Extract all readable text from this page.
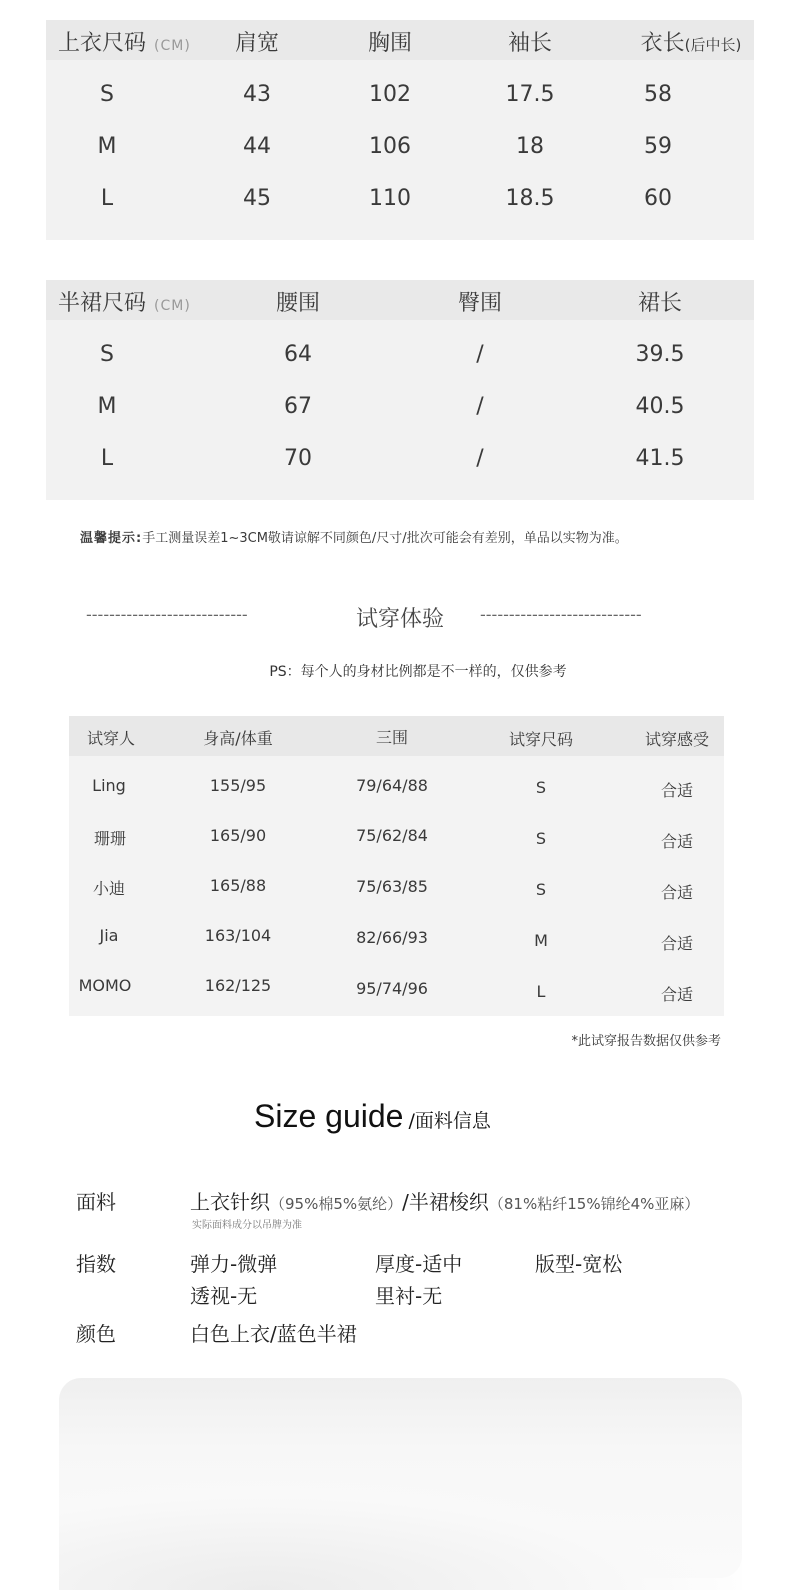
上衣尺码 (CM) 肩宽	胸围	袖长	衣长(后中长)
S	43	102	17.5	58
M	44	106	18	59
L	45	110	18.5	60
半裙尺码 (CM)	腰围	臀围	裙长
S	64	/	39.5
M	67	/	40.5
L	70	/	41.5
温馨提示:手工测量误差1~3CM敬请谅解不同颜色/尺寸/批次可能会有差别，单品以实物为准。
----------------------------	试穿体验 ----------------------------
PS：每个人的身材比例都是不一样的，仅供参考
试穿人	身高/体重	三围	试穿尺码	试穿感受
Ling	155/95	79/64/88	S	合适
珊珊	165/90	75/62/84	S	合适
小迪	165/88	75/63/85	S	合适
Jia	163/104	82/66/93	M	合适
MOMO	162/125	95/74/96	L	合适
*此试穿报告数据仅供参考
Size guide /面料信息
面料	上衣针织（95%棉5%氨纶）/半裙梭织（81%粘纤15%锦纶4%亚麻）
实际面料成分以吊牌为准
指数	弹力-微弹	厚度-适中	版型-宽松
透视-无	里衬-无
颜色	白色上衣/蓝色半裙
